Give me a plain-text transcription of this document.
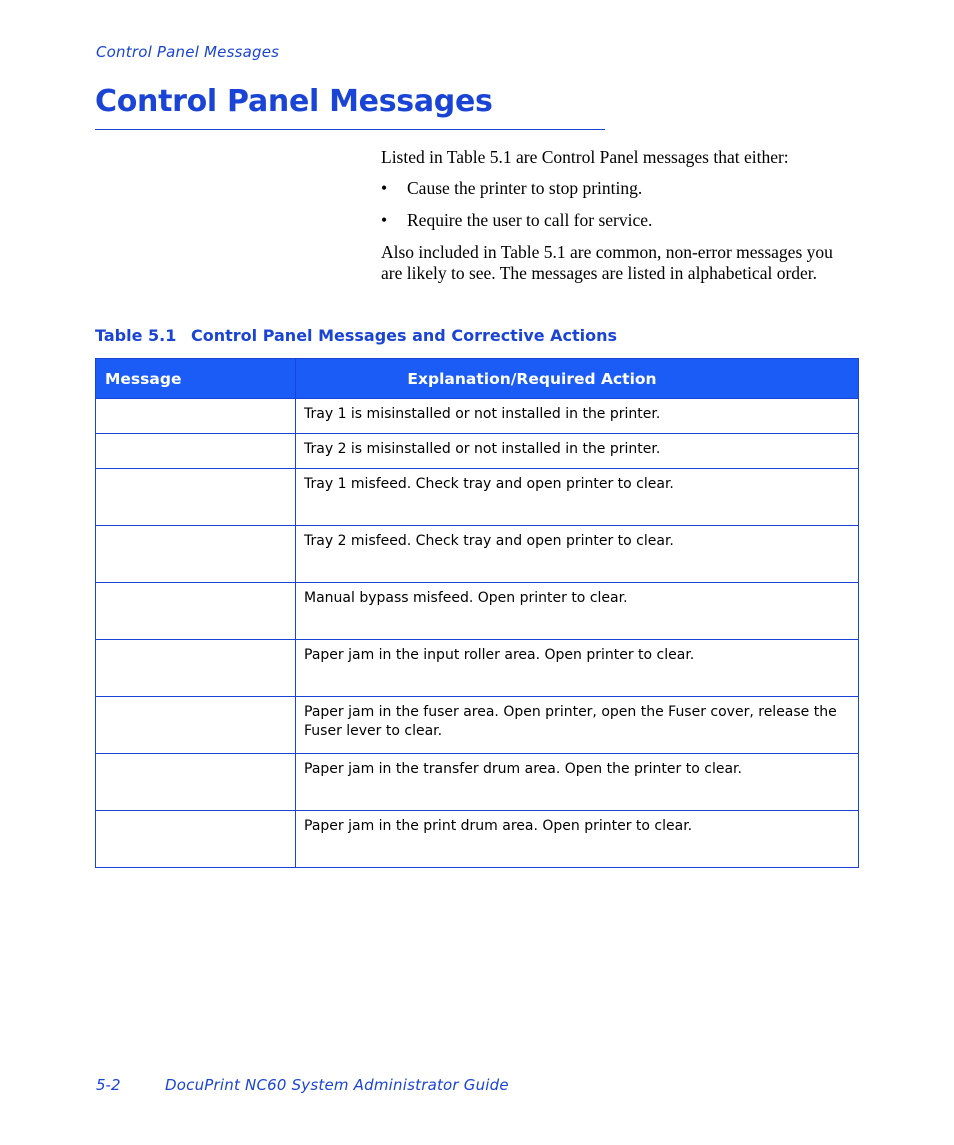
Control Panel Messages
Control Panel Messages

Listed in Table 5.1 are Control Panel messages that either:

• Cause the printer to stop printing.
• Require the user to call for service.

Also included in Table 5.1 are common, non-error messages you are likely to see. The messages are listed in alphabetical order.

Table 5.1 Control Panel Messages and Corrective Actions
Message	Explanation/Required Action
	Tray 1 is misinstalled or not installed in the printer.
	Tray 2 is misinstalled or not installed in the printer.
	Tray 1 misfeed. Check tray and open printer to clear.
	Tray 2 misfeed. Check tray and open printer to clear.
	Manual bypass misfeed. Open printer to clear.
	Paper jam in the input roller area. Open printer to clear.
	Paper jam in the fuser area. Open printer, open the Fuser cover, release the Fuser lever to clear.
	Paper jam in the transfer drum area. Open the printer to clear.
	Paper jam in the print drum area. Open printer to clear.
5-2	DocuPrint NC60 System Administrator Guide
